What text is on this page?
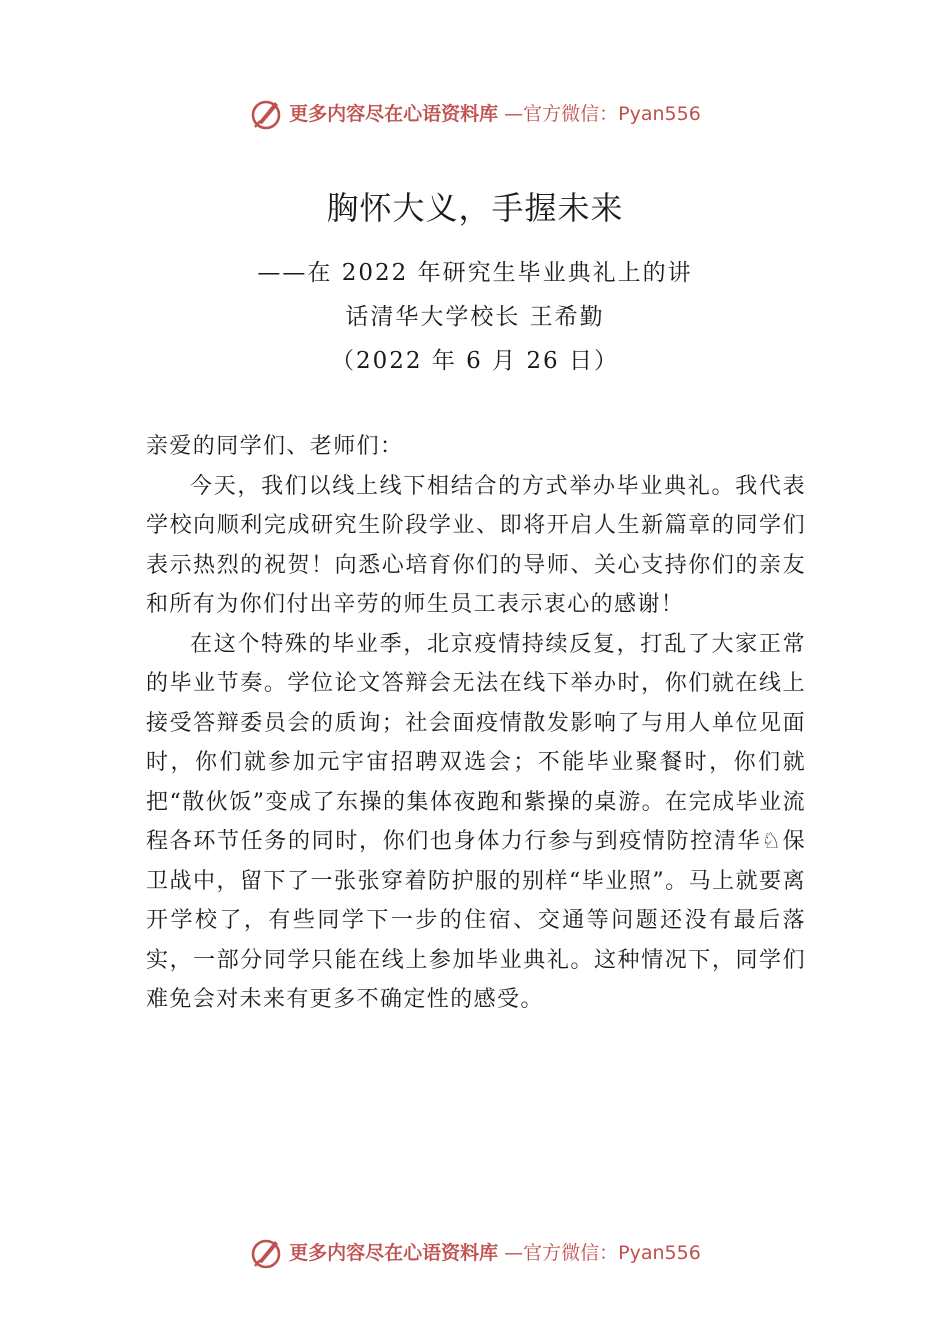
更多内容尽在心语资料库 —官方微信：Pyan556
胸怀大义，手握未来
——在 2022 年研究生毕业典礼上的讲
话清华大学校长 王希勤
（2022 年 6 月 26 日）

亲爱的同学们、老师们：

今天，我们以线上线下相结合的方式举办毕业典礼。我代表学校向顺利完成研究生阶段学业、即将开启人生新篇章的同学们表示热烈的祝贺！向悉心培育你们的导师、关心支持你们的亲友和所有为你们付出辛劳的师生员工表示衷心的感谢！

在这个特殊的毕业季，北京疫情持续反复，打乱了大家正常的毕业节奏。学位论文答辩会无法在线下举办时，你们就在线上接受答辩委员会的质询；社会面疫情散发影响了与用人单位见面时，你们就参加元宇宙招聘双选会；不能毕业聚餐时，你们就把“散伙饭”变成了东操的集体夜跑和紫操的桌游。在完成毕业流程各环节任务的同时，你们也身体力行参与到疫情防控清华♘保卫战中，留下了一张张穿着防护服的别样“毕业照”。马上就要离开学校了，有些同学下一步的住宿、交通等问题还没有最后落实，一部分同学只能在线上参加毕业典礼。这种情况下，同学们难免会对未来有更多不确定性的感受。

更多内容尽在心语资料库 —官方微信：Pyan556
